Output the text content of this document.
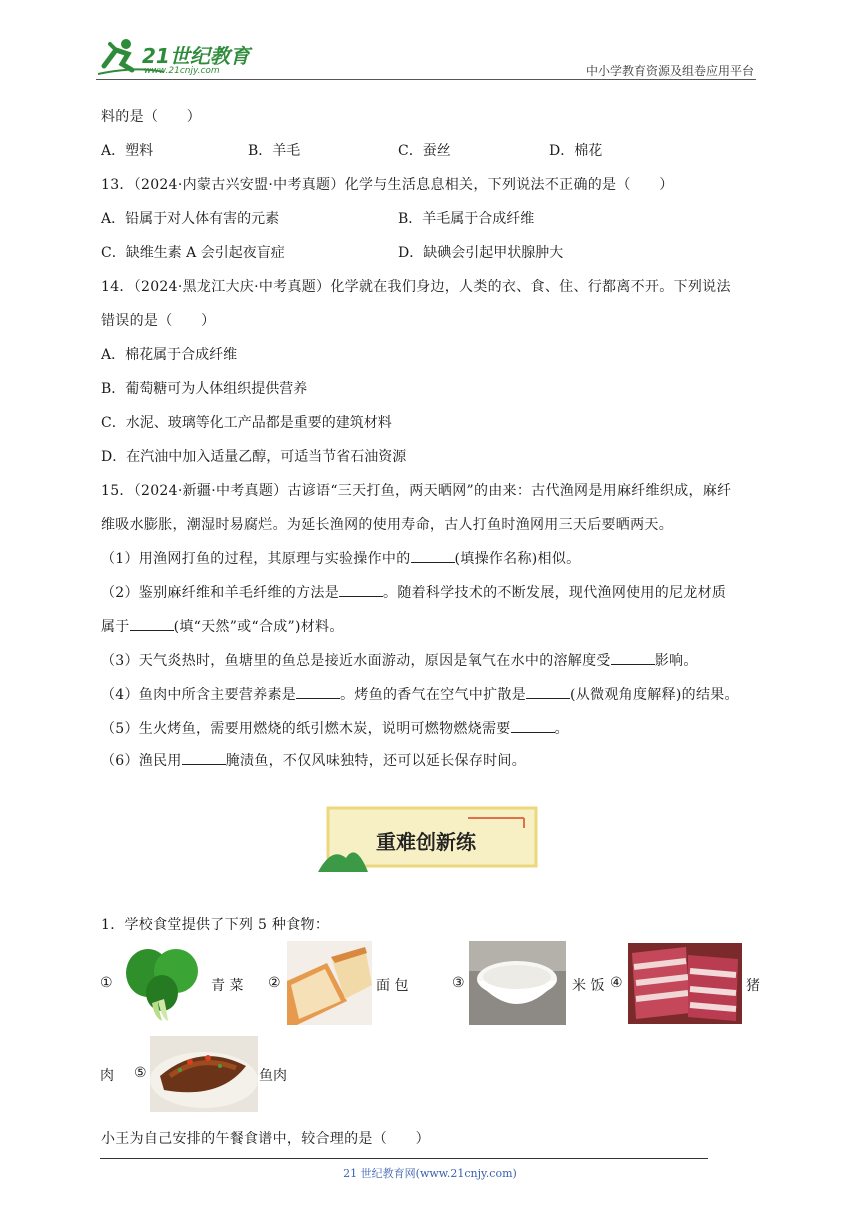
21世纪教育
www.21cnjy.com	中小学教育资源及组卷应用平台
料的是（　　）
A．塑料	B．羊毛	C．蚕丝	D．棉花
13．（2024·内蒙古兴安盟·中考真题）化学与生活息息相关，下列说法不正确的是（　　）
A．铅属于对人体有害的元素	B．羊毛属于合成纤维
C．缺维生素 A 会引起夜盲症	D．缺碘会引起甲状腺肿大
14．（2024·黑龙江大庆·中考真题）化学就在我们身边，人类的衣、食、住、行都离不开。下列说法
错误的是（　　）
A．棉花属于合成纤维
B．葡萄糖可为人体组织提供营养
C．水泥、玻璃等化工产品都是重要的建筑材料
D．在汽油中加入适量乙醇，可适当节省石油资源
15．（2024·新疆·中考真题）古谚语“三天打鱼，两天晒网”的由来：古代渔网是用麻纤维织成，麻纤
维吸水膨胀，潮湿时易腐烂。为延长渔网的使用寿命，古人打鱼时渔网用三天后要晒两天。
（1）用渔网打鱼的过程，其原理与实验操作中的	(填操作名称)相似。
（2）鉴别麻纤维和羊毛纤维的方法是	。随着科学技术的不断发展，现代渔网使用的尼龙材质
属于	(填“天然”或“合成”)材料。
（3）天气炎热时，鱼塘里的鱼总是接近水面游动，原因是氧气在水中的溶解度受	影响。
（4）鱼肉中所含主要营养素是	。烤鱼的香气在空气中扩散是	(从微观角度解释)的结果。
（5）生火烤鱼，需要用燃烧的纸引燃木炭，说明可燃物燃烧需要	。
（6）渔民用	腌渍鱼，不仅风味独特，还可以延长保存时间。
重难创新练
1．学校食堂提供了下列 5 种食物：
①	青 菜 ②	面 包	③	米 饭 ④	猪
肉 ⑤	鱼肉
小王为自己安排的午餐食谱中，较合理的是（　　）
21 世纪教育网(www.21cnjy.com)
